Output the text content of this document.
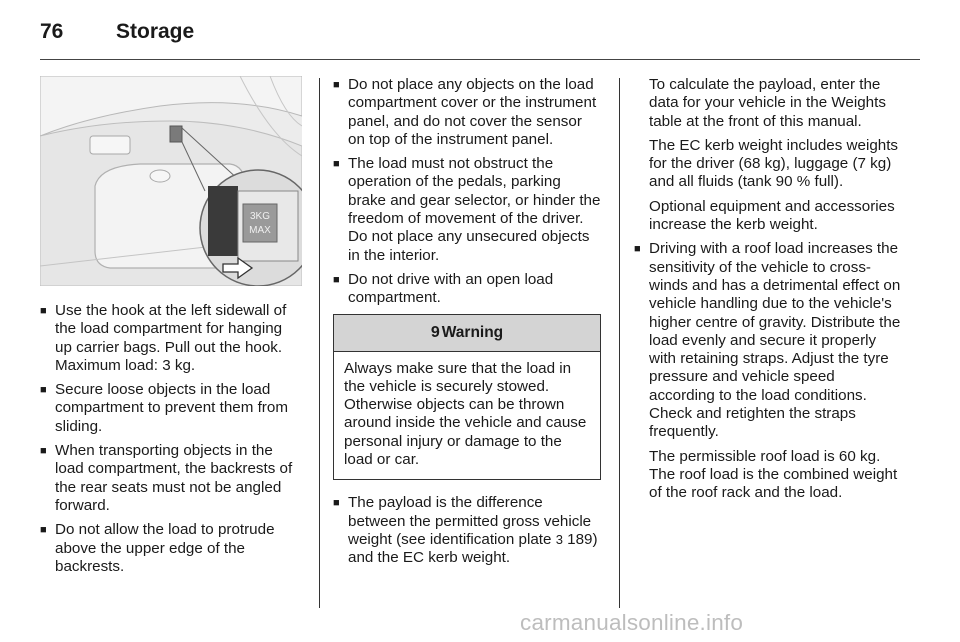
76	Storage
3KG
MAX
■ Use the hook at the left sidewall of the load compartment for hanging up carrier bags. Pull out the hook. Maximum load: 3 kg.
■ Secure loose objects in the load compartment to prevent them from sliding.
■ When transporting objects in the load compartment, the backrests of the rear seats must not be angled forward.
■ Do not allow the load to protrude above the upper edge of the backrests.
■ Do not place any objects on the load compartment cover or the instrument panel, and do not cover the sensor on top of the instrument panel.
■ The load must not obstruct the operation of the pedals, parking brake and gear selector, or hinder the freedom of movement of the driver. Do not place any unsecured objects in the interior.
■ Do not drive with an open load compartment.
9 Warning
Always make sure that the load in the vehicle is securely stowed. Otherwise objects can be thrown around inside the vehicle and cause personal injury or damage to the load or car.
■ The payload is the difference between the permitted gross vehicle weight (see identification plate 3 189) and the EC kerb weight.

To calculate the payload, enter the data for your vehicle in the Weights table at the front of this manual.

The EC kerb weight includes weights for the driver (68 kg), luggage (7 kg) and all fluids (tank 90 % full).

Optional equipment and accessories increase the kerb weight.

■ Driving with a roof load increases the sensitivity of the vehicle to cross-winds and has a detrimental effect on vehicle handling due to the vehicle's higher centre of gravity. Distribute the load evenly and secure it properly with retaining straps. Adjust the tyre pressure and vehicle speed according to the load conditions. Check and retighten the straps frequently.

The permissible roof load is 60 kg. The roof load is the combined weight of the roof rack and the load.

carmanualsonline.info
